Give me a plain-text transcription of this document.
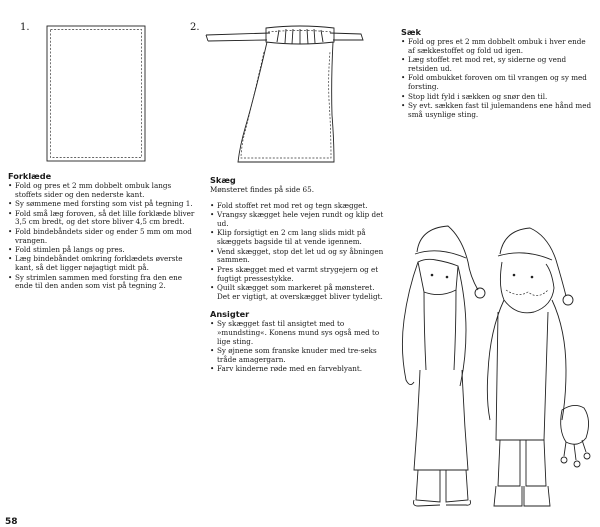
1.	2.
Forklæde
• Fold og pres et 2 mm dobbelt ombuk langs stoffets sider og den nederste kant.
• Sy sømmene med forsting som vist på tegning 1.
• Fold små læg foroven, så det lille forklæde bliver 3,5 cm bredt, og det store bliver 4,5 cm bredt.
• Fold bindebåndets sider og ender 5 mm om mod vrangen.
• Fold stimlen på langs og pres.
• Læg bindebåndet omkring forklædets øverste kant, så det ligger nøjagtigt midt på.
• Sy strimlen sammen med forsting fra den ene ende til den anden som vist på tegning 2.
Skæg

Mønsteret findes på side 65.

• Fold stoffet ret mod ret og tegn skægget.
• Vrangsy skægget hele vejen rundt og klip det ud.
• Klip forsigtigt en 2 cm lang slids midt på skæggets bagside til at vende igennem.
• Vend skægget, stop det let ud og sy åbningen sammen.
• Pres skægget med et varmt strygejern og et fugtigt pressestykke.
• Quilt skægget som markeret på mønsteret. Det er vigtigt, at overskægget bliver tydeligt.
Ansigter
• Sy skægget fast til ansigtet med to »mundsting«. Konens mund sys også med to lige sting.
• Sy øjnene som franske knuder med tre-seks tråde amagergarn.
• Farv kinderne røde med en farveblyant.
Sæk
• Fold og pres et 2 mm dobbelt ombuk i hver ende af sækkestoffet og fold ud igen.
• Læg stoffet ret mod ret, sy siderne og vend retsiden ud.
• Fold ombukket foroven om til vrangen og sy med forsting.
• Stop lidt fyld i sækken og snør den til.
• Sy evt. sækken fast til julemandens ene hånd med små usynlige sting.
58
